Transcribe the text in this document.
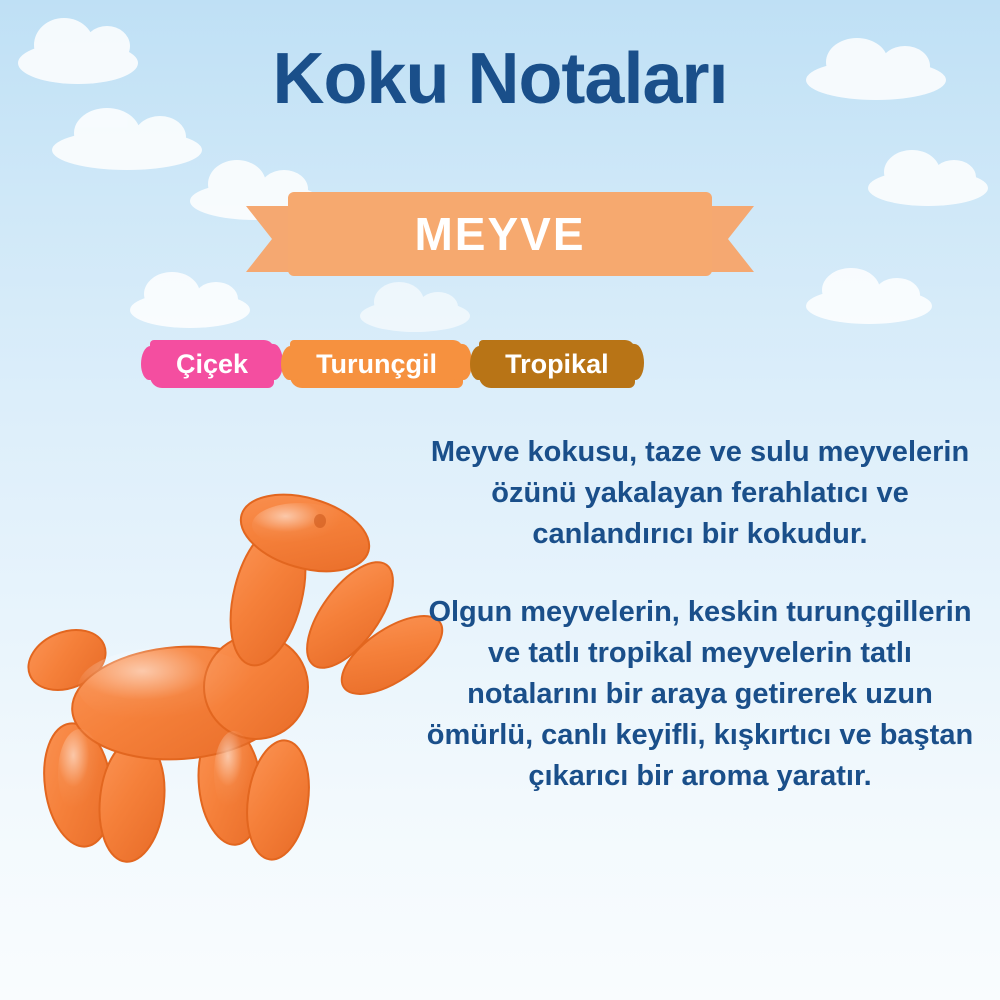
Koku Notaları
MEYVE
Çiçek	Turunçgil	Tropikal

Meyve kokusu, taze ve sulu meyvelerin özünü yakalayan ferahlatıcı ve canlandırıcı bir kokudur.

Olgun meyvelerin, keskin turunçgillerin ve tatlı tropikal meyvelerin tatlı notalarını bir araya getirerek uzun ömürlü, canlı keyifli, kışkırtıcı ve baştan çıkarıcı bir aroma yaratır.
